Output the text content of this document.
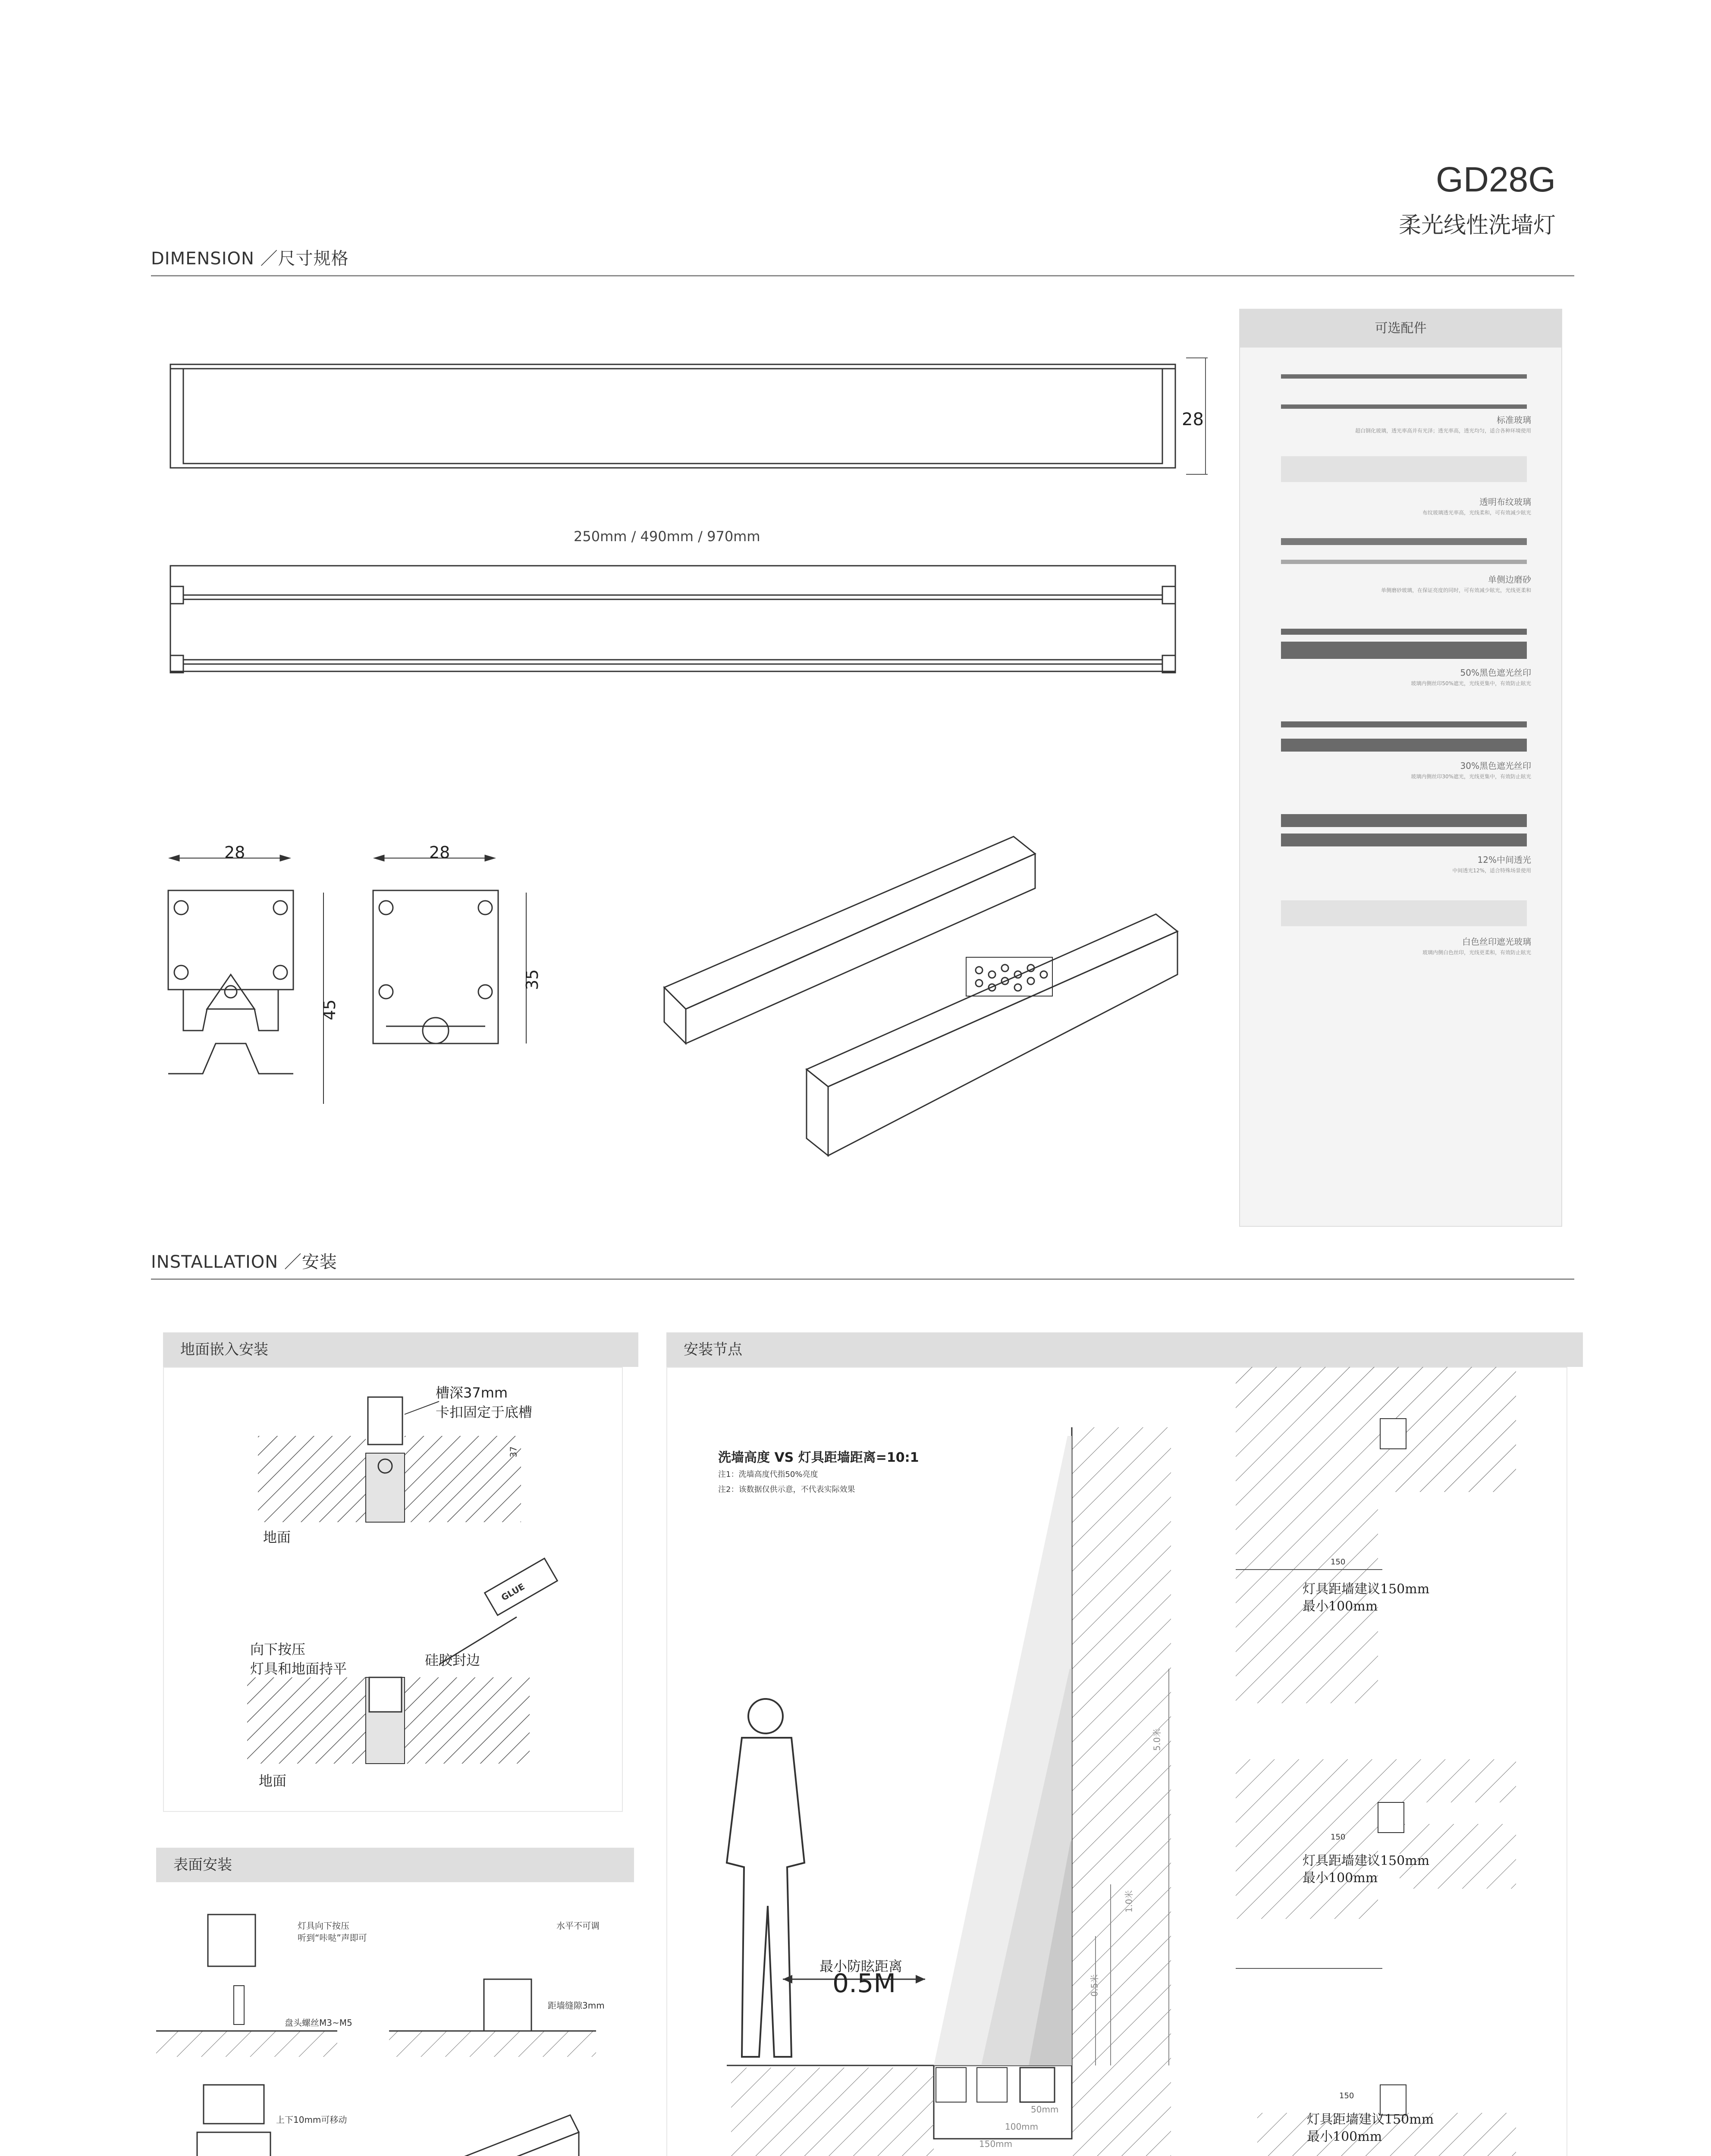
GD28G
柔光线性洗墙灯
DIMENSION ／尺寸规格
28
250mm / 490mm / 970mm
28
45
28
35
可选配件
标准玻璃
超白钢化玻璃，透光率高并有光泽；透光率高，透光均匀，适合各种环境使用
透明布纹玻璃
布纹玻璃透光率高，光线柔和，可有效减少眩光
单侧边磨砂
单侧磨砂玻璃，在保证亮度的同时，可有效减少眩光，光线更柔和
50%黑色遮光丝印
玻璃内侧丝印50%遮光，光线更集中，有效防止眩光
30%黑色遮光丝印
玻璃内侧丝印30%遮光，光线更集中，有效防止眩光
12%中间透光
中间透光12%，适合特殊场景使用
白色丝印遮光玻璃
玻璃内侧白色丝印，光线更柔和，有效防止眩光
INSTALLATION ／安装
地面嵌入安装
槽深37mm
卡扣固定于底槽
37
地面
向下按压
灯具和地面持平
硅胶封边
GLUE
地面
表面安装
灯具向下按压
听到“咔哒”声即可
水平不可调
盘头螺丝M3~M5
距墙缝隙3mm
上下10mm可移动
安装节点
洗墙高度 VS 灯具距墙距离=10:1
注1：洗墙高度代指50%亮度
注2：该数据仅供示意，不代表实际效果
最小防眩距离
0.5M
5.0米
1.0米
0.5米
50mm
100mm
150mm
150
灯具距墙建议150mm
最小100mm
150
灯具距墙建议150mm
最小100mm
150
灯具距墙建议150mm
最小100mm
